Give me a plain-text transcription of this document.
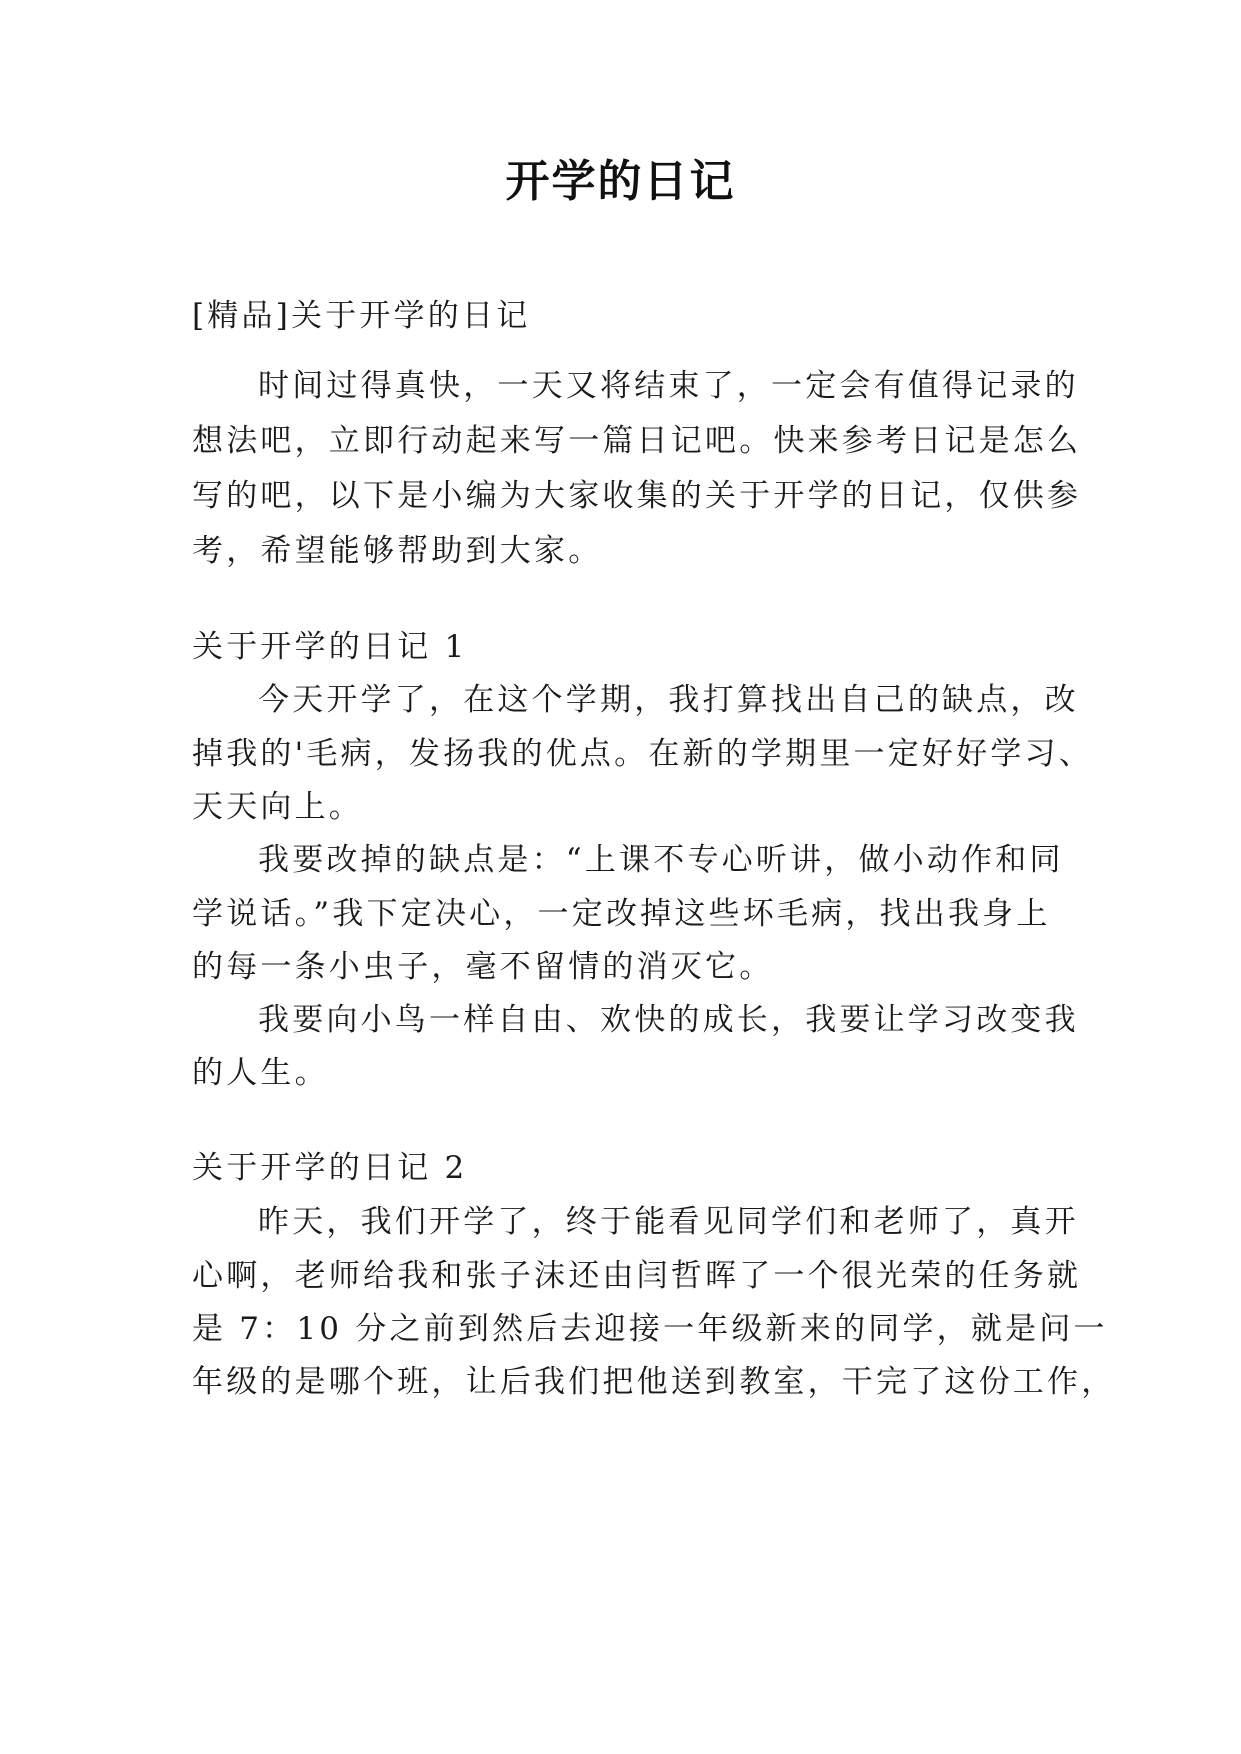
开学的日记
[精品]关于开学的日记
时间过得真快，一天又将结束了，一定会有值得记录的
想法吧，立即行动起来写一篇日记吧。快来参考日记是怎么
写的吧，以下是小编为大家收集的关于开学的日记，仅供参
考，希望能够帮助到大家。
关于开学的日记 1
今天开学了，在这个学期，我打算找出自己的缺点，改
掉我的'毛病，发扬我的优点。在新的学期里一定好好学习、
天天向上。
我要改掉的缺点是：“上课不专心听讲，做小动作和同
学说话。”我下定决心，一定改掉这些坏毛病，找出我身上
的每一条小虫子，毫不留情的消灭它。
我要向小鸟一样自由、欢快的成长，我要让学习改变我
的人生。
关于开学的日记 2
昨天，我们开学了，终于能看见同学们和老师了，真开
心啊，老师给我和张子沫还由闫哲晖了一个很光荣的任务就
是 7：10 分之前到然后去迎接一年级新来的同学，就是问一
年级的是哪个班，让后我们把他送到教室，干完了这份工作，
